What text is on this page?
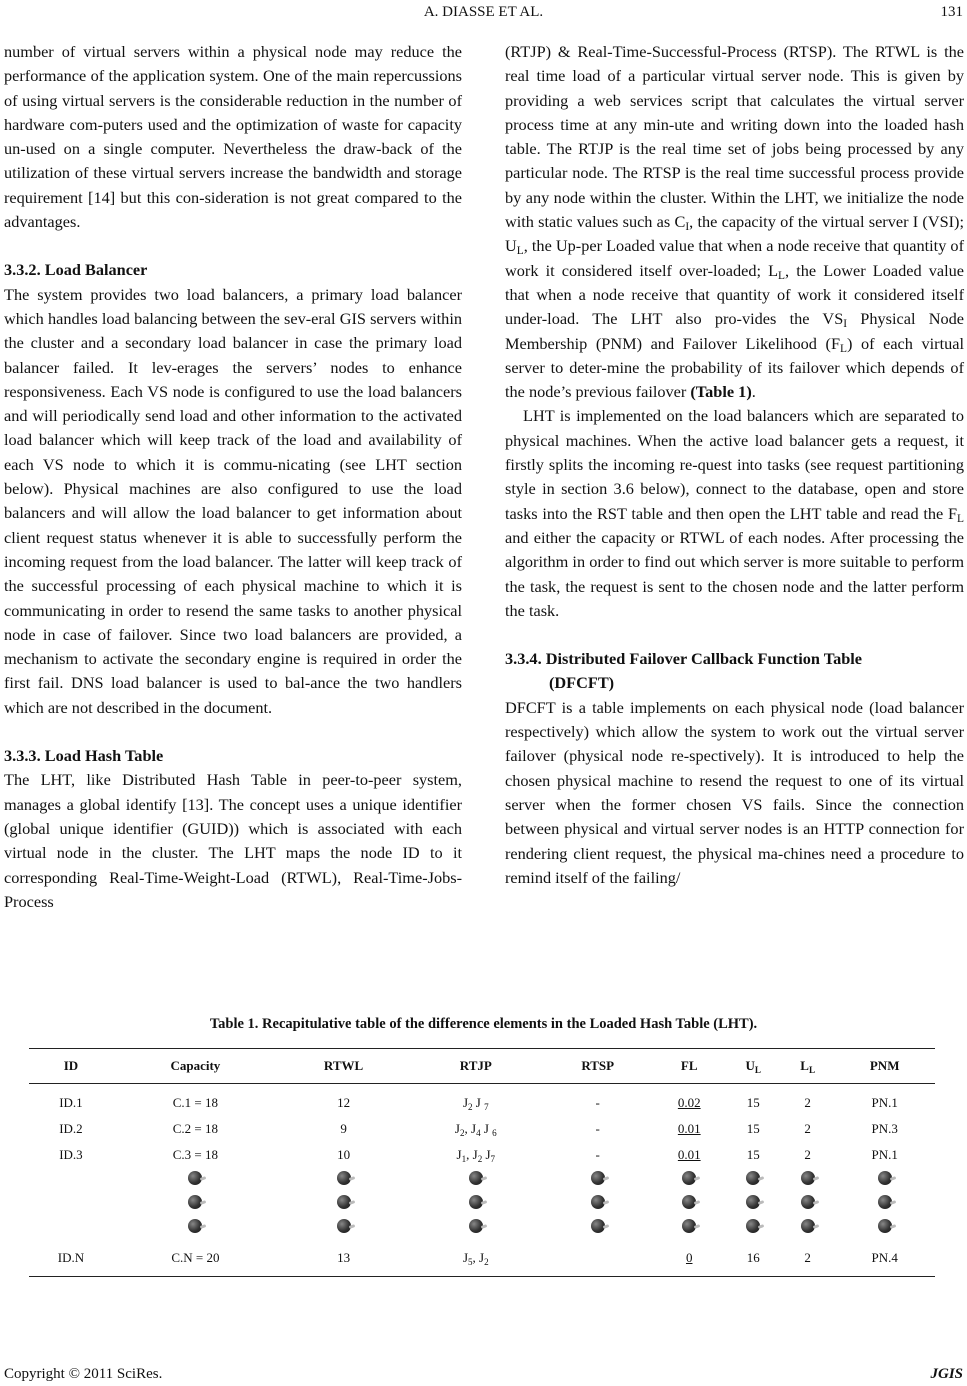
A. DIASSE ET AL.	131

number of virtual servers within a physical node may reduce the performance of the application system. One of the main repercussions of using virtual servers is the considerable reduction in the number of hardware com-puters used and the optimization of waste for capacity un-used on a single computer. Nevertheless the draw-back of the utilization of these virtual servers increase the bandwidth and storage requirement [14] but this con-sideration is not great compared to the advantages.

3.3.2. Load Balancer

The system provides two load balancers, a primary load balancer which handles load balancing between the sev-eral GIS servers within the cluster and a secondary load balancer in case the primary load balancer failed. It lev-erages the servers’ nodes to enhance responsiveness. Each VS node is configured to use the load balancers and will periodically send load and other information to the activated load balancer which will keep track of the load and availability of each VS node to which it is commu-nicating (see LHT section below). Physical machines are also configured to use the load balancers and will allow the load balancer to get information about client request status whenever it is able to successfully perform the incoming request from the load balancer. The latter will keep track of the successful processing of each physical machine to which it is communicating in order to resend the same tasks to another physical node in case of failover. Since two load balancers are provided, a mechanism to activate the secondary engine is required in order the first fail. DNS load balancer is used to bal-ance the two handlers which are not described in the document.

3.3.3. Load Hash Table

The LHT, like Distributed Hash Table in peer-to-peer system, manages a global identify [13]. The concept uses a unique identifier (global unique identifier (GUID)) which is associated with each virtual node in the cluster. The LHT maps the node ID to it corresponding Real-Time-Weight-Load (RTWL), Real-Time-Jobs-Process

(RTJP) & Real-Time-Successful-Process (RTSP). The RTWL is the real time load of a particular virtual server node. This is given by providing a web services script that calculates the virtual server process time at any min-ute and writing down into the loaded hash table. The RTJP is the real time set of jobs being processed by any particular node. The RTSP is the real time successful process provide by any node within the cluster. Within the LHT, we initialize the node with static values such as $C_I$, the capacity of the virtual server I (VSI); $U_L$, the Up-per Loaded value that when a node receive that quantity of work it considered itself over-loaded; $L_L$, the Lower Loaded value that when a node receive that quantity of work it considered itself under-load. The LHT also pro-vides the $VS_I$ Physical Node Membership (PNM) and Failover Likelihood $(F_L)$ of each virtual server to deter-mine the probability of its failover which depends of the node’s previous failover (Table 1).

LHT is implemented on the load balancers which are separated to physical machines. When the active load balancer gets a request, it firstly splits the incoming re-quest into tasks (see request partitioning style in section 3.6 below), connect to the database, open and store tasks into the RST table and then open the LHT table and read the $F_L$ and either the capacity or RTWL of each nodes. After processing the algorithm in order to find out which server is more suitable to perform the task, the request is sent to the chosen node and the latter perform the task.

3.3.4. Distributed Failover Callback Function Table

(DFCFT)

DFCFT is a table implements on each physical node (load balancer respectively) which allow the system to work out the virtual server failover (physical node re-spectively). It is introduced to help the chosen physical machine to resend the request to one of its virtual server when the former chosen VS fails. Since the connection between physical and virtual server nodes is an HTTP connection for rendering client request, the physical ma-chines need a procedure to remind itself of the failing/

Table 1. Recapitulative table of the difference elements in the Loaded Hash Table (LHT).
ID	Capacity	RTWL	RTJP	RTSP	FL	$U_L$	$L_L$	PNM
ID.1	C.1 = 18	12	$J_2$ J $_7$	-	0.02	15	2	PN.1
ID.2	C.2 = 18	9	$J_2$, $J_4$ J $_6$	-	0.01	15	2	PN.3
ID.3	C.3 = 18	10	$J_1$, $J_2$ $J_7$	-	0.01	15	2	PN.1

ID.N	C.N = 20	13	$J_5$, $J_2$		0	16	2	PN.4
Copyright © 2011 SciRes.	JGIS
